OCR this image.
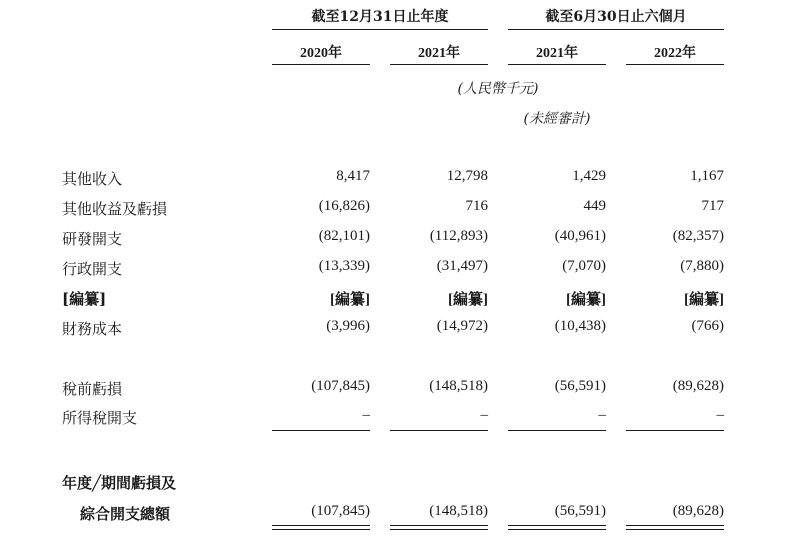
截至12月31日止年度	截至6月30日止六個月
2020年	2021年	2021年	2022年
(人民幣千元)
(未經審計)
其他收入	8,417	12,798	1,429	1,167
其他收益及虧損	(16,826)	716	449	717
研發開支	(82,101)	(112,893)	(40,961)	(82,357)
行政開支	(13,339)	(31,497)	(7,070)	(7,880)
[編纂]	[編纂]	[編纂]	[編纂]	[編纂]
財務成本	(3,996)	(14,972)	(10,438)	(766)
稅前虧損	(107,845)	(148,518)	(56,591)	(89,628)
所得稅開支	–	–	–	–
年度╱期間虧損及
綜合開支總額	(107,845)	(148,518)	(56,591)	(89,628)
